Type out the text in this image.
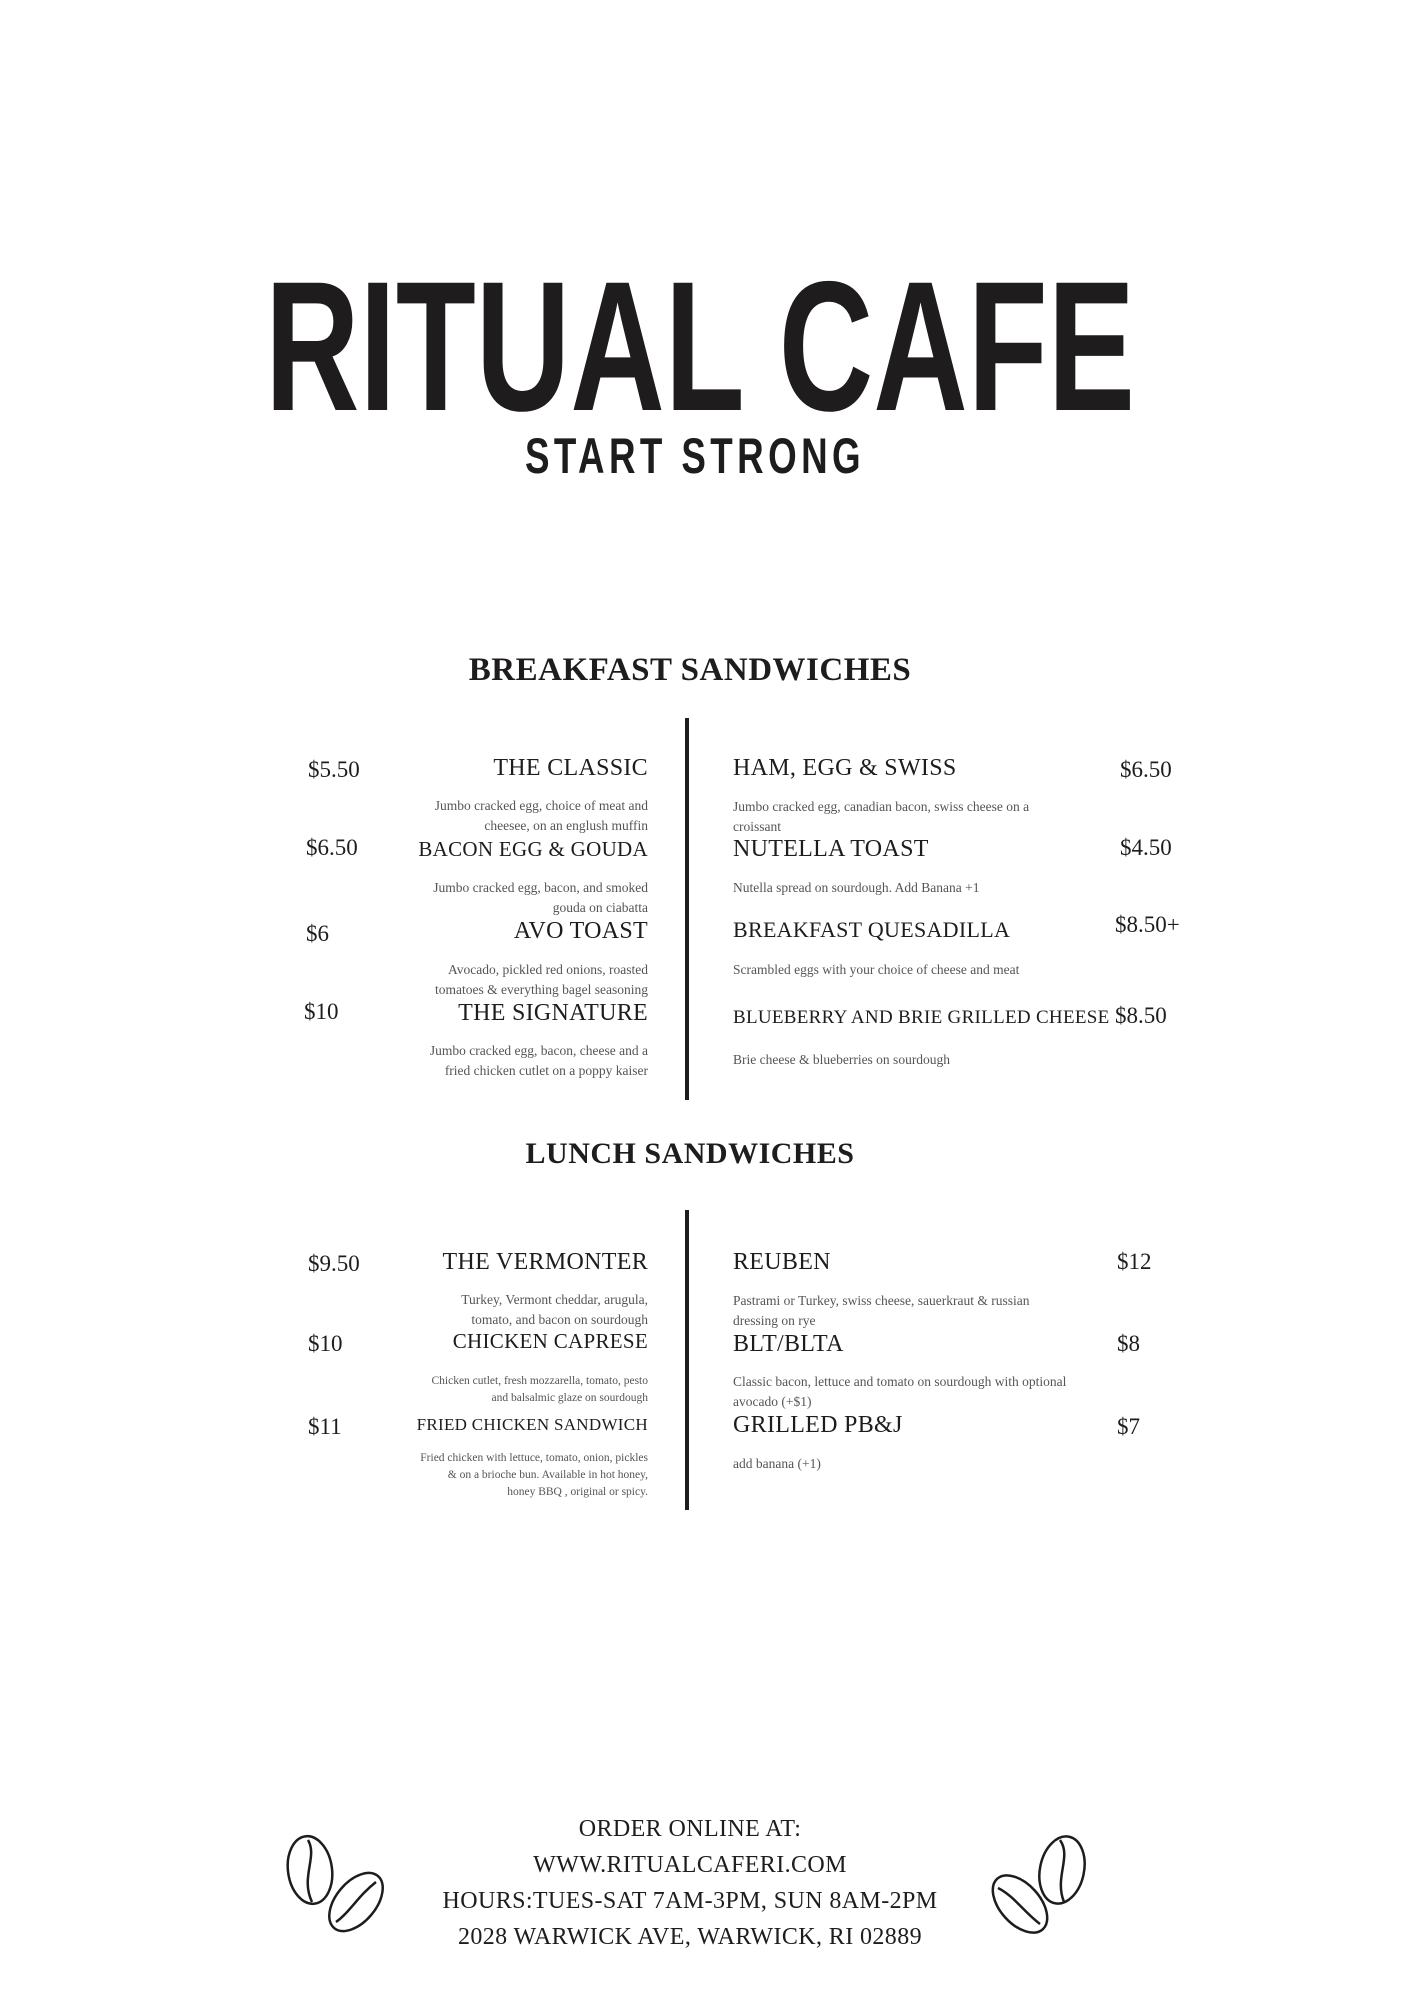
RITUAL CAFE
START STRONG
BREAKFAST SANDWICHES
$5.50	THE CLASSIC
Jumbo cracked egg, choice of meat and
cheesee, on an englush muffin
$6.50	BACON EGG & GOUDA
Jumbo cracked egg, bacon, and smoked
gouda on ciabatta
$6	AVO TOAST
Avocado, pickled red onions, roasted
tomatoes & everything bagel seasoning
$10	THE SIGNATURE
Jumbo cracked egg, bacon, cheese and a
fried chicken cutlet on a poppy kaiser
HAM, EGG & SWISS	$6.50
Jumbo cracked egg, canadian bacon, swiss cheese on a
croissant
NUTELLA TOAST	$4.50
Nutella spread on sourdough. Add Banana +1
BREAKFAST QUESADILLA	$8.50+
Scrambled eggs with your choice of cheese and meat
BLUEBERRY AND BRIE GRILLED CHEESE $8.50
Brie cheese & blueberries on sourdough
LUNCH SANDWICHES
$9.50	THE VERMONTER
Turkey, Vermont cheddar, arugula,
tomato, and bacon on sourdough
$10	CHICKEN CAPRESE
Chicken cutlet, fresh mozzarella, tomato, pesto
and balsalmic glaze on sourdough
$11	FRIED CHICKEN SANDWICH
Fried chicken with lettuce, tomato, onion, pickles
& on a brioche bun. Available in hot honey,
honey BBQ , original or spicy.
REUBEN	$12
Pastrami or Turkey, swiss cheese, sauerkraut & russian
dressing on rye
BLT/BLTA	$8
Classic bacon, lettuce and tomato on sourdough with optional
avocado (+$1)
GRILLED PB&J	$7
add banana (+1)
ORDER ONLINE AT:
WWW.RITUALCAFERI.COM
HOURS:TUES-SAT 7AM-3PM, SUN 8AM-2PM
2028 WARWICK AVE, WARWICK, RI 02889
